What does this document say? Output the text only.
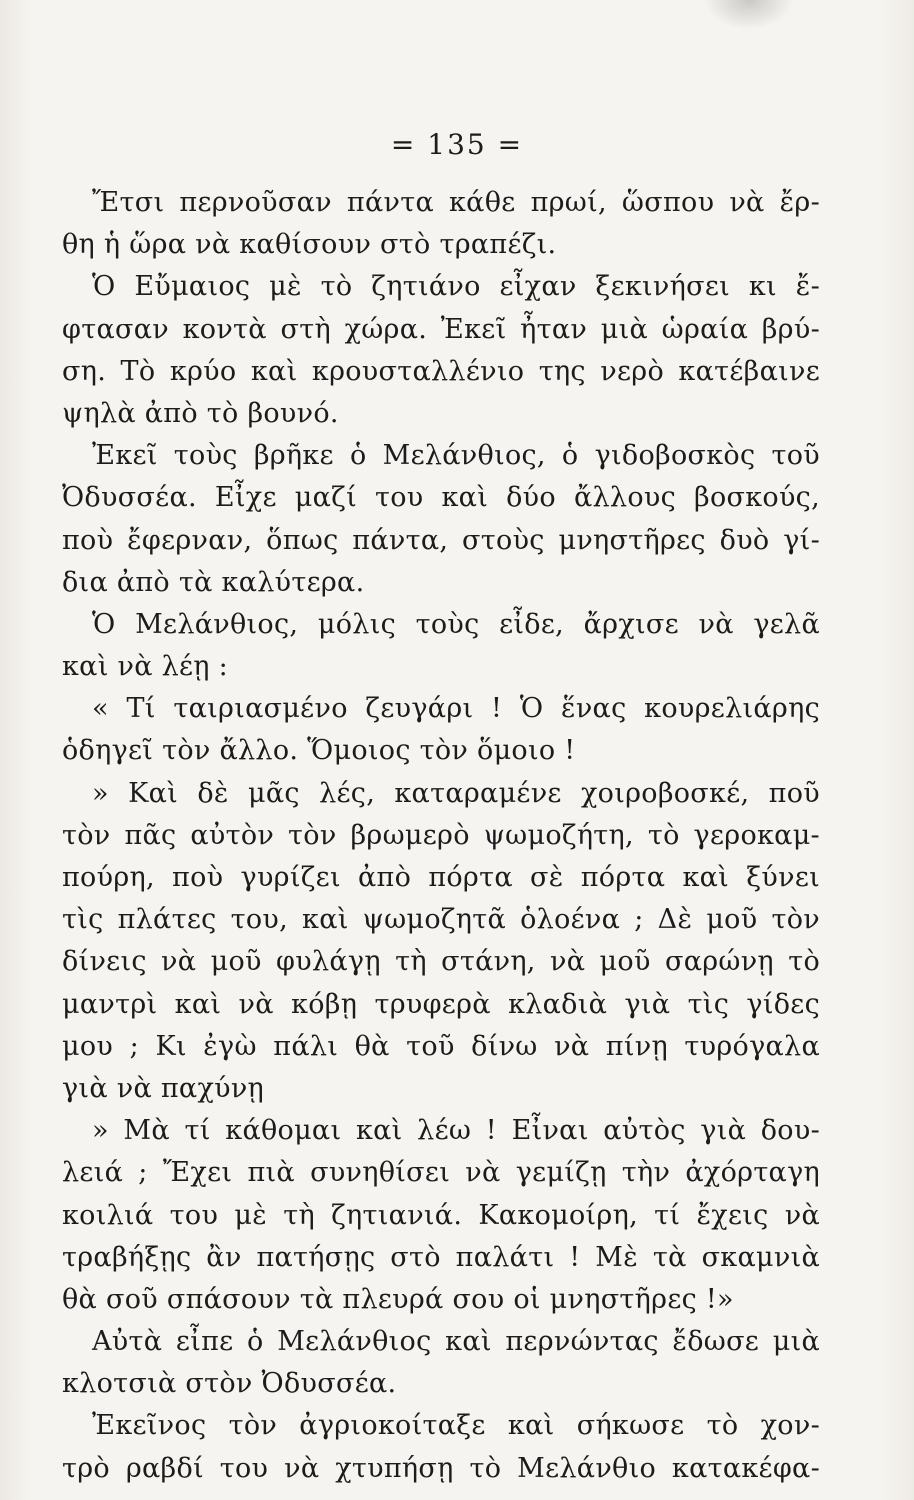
= 135 =
Ἔτσι περνοῦσαν πάντα κάθε πρωί, ὥσπου νὰ ἔρ-
θη ἡ ὥρα νὰ καθίσουν στὸ τραπέζι.
Ὁ Εὔμαιος μὲ τὸ ζητιάνο εἶχαν ξεκινήσει κι ἔ-
φτασαν κοντὰ στὴ χώρα. Ἐκεῖ ἦταν μιὰ ὡραία βρύ-
ση. Τὸ κρύο καὶ κρουσταλλένιο της νερὸ κατέβαινε
ψηλὰ ἀπὸ τὸ βουνό.
Ἐκεῖ τοὺς βρῆκε ὁ Μελάνθιος, ὁ γιδοβοσκὸς τοῦ
Ὀδυσσέα. Εἶχε μαζί του καὶ δύο ἄλλους βοσκούς,
ποὺ ἔφερναν, ὅπως πάντα, στοὺς μνηστῆρες δυὸ γί-
δια ἀπὸ τὰ καλύτερα.
Ὁ Μελάνθιος, μόλις τοὺς εἶδε, ἄρχισε νὰ γελᾶ
καὶ νὰ λέῃ :
« Τί ταιριασμένο ζευγάρι ! Ὁ ἕνας κουρελιάρης
ὁδηγεῖ τὸν ἄλλο. Ὅμοιος τὸν ὅμοιο !
» Καὶ δὲ μᾶς λές, καταραμένε χοιροβοσκέ, ποῦ
τὸν πᾶς αὐτὸν τὸν βρωμερὸ ψωμοζήτη, τὸ γεροκαμ-
πούρη, ποὺ γυρίζει ἀπὸ πόρτα σὲ πόρτα καὶ ξύνει
τὶς πλάτες του, καὶ ψωμοζητᾶ ὁλοένα ; Δὲ μοῦ τὸν
δίνεις νὰ μοῦ φυλάγῃ τὴ στάνη, νὰ μοῦ σαρώνῃ τὸ
μαντρὶ καὶ νὰ κόβῃ τρυφερὰ κλαδιὰ γιὰ τὶς γίδες
μου ; Κι ἐγὼ πάλι θὰ τοῦ δίνω νὰ πίνῃ τυρόγαλα
γιὰ νὰ παχύνῃ
» Μὰ τί κάθομαι καὶ λέω ! Εἶναι αὐτὸς γιὰ δου-
λειά ; Ἔχει πιὰ συνηθίσει νὰ γεμίζῃ τὴν ἀχόρταγη
κοιλιά του μὲ τὴ ζητιανιά. Κακομοίρη, τί ἔχεις νὰ
τραβήξῃς ἂν πατήσῃς στὸ παλάτι ! Μὲ τὰ σκαμνιὰ
θὰ σοῦ σπάσουν τὰ πλευρά σου οἱ μνηστῆρες !»
Αὐτὰ εἶπε ὁ Μελάνθιος καὶ περνώντας ἔδωσε μιὰ
κλοτσιὰ στὸν Ὀδυσσέα.
Ἐκεῖνος τὸν ἀγριοκοίταξε καὶ σήκωσε τὸ χον-
τρὸ ραβδί του νὰ χτυπήσῃ τὸ Μελάνθιο κατακέφα-
